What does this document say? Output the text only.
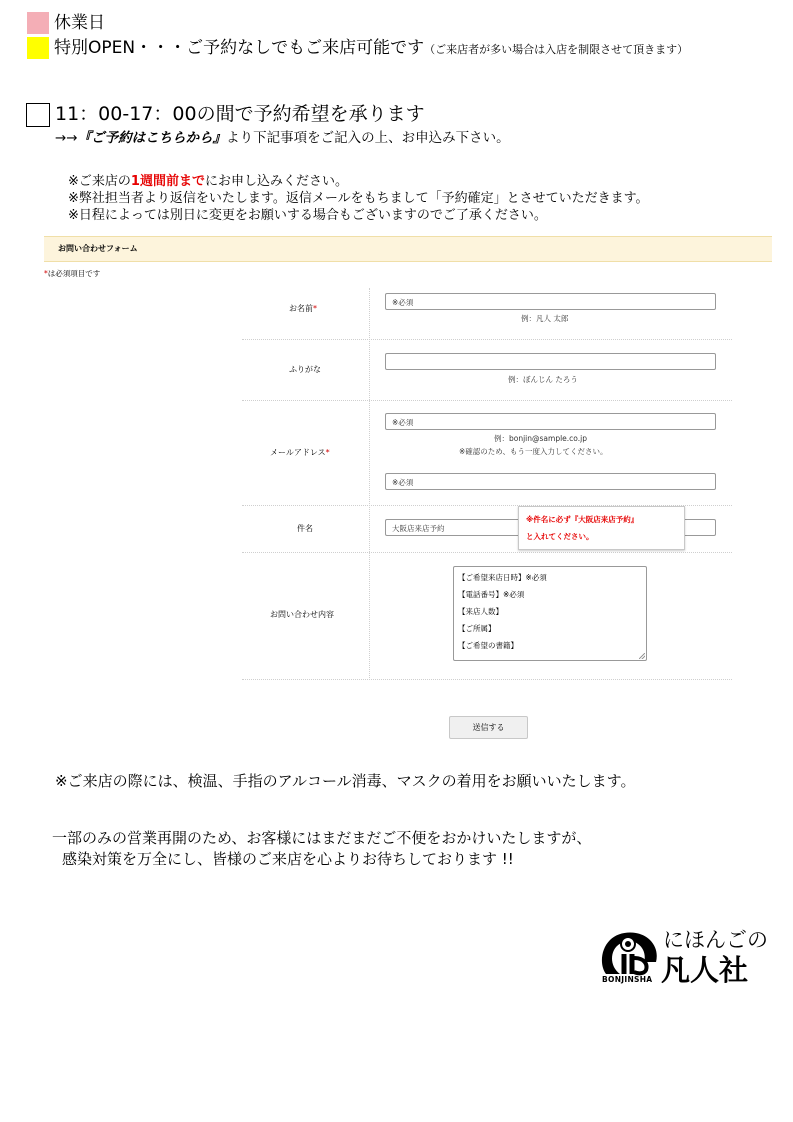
休業日
特別OPEN・・・ご予約なしでもご来店可能です（ご来店者が多い場合は入店を制限させて頂きます）
11：00-17：00の間で予約希望を承ります
→→『ご予約はこちらから』より下記事項をご記入の上、お申込み下さい。
※ご来店の1週間前までにお申し込みください。
※弊社担当者より返信をいたします。返信メールをもちまして「予約確定」とさせていただきます。
※日程によっては別日に変更をお願いする場合もございますのでご了承ください。
お問い合わせフォーム
*は必須項目です
お名前*
※必須
例：凡人 太郎
ふりがな
例：ぼんじん たろう
メールアドレス*
※必須
例：bonjin@sample.co.jp
※確認のため、もう一度入力してください。
※必須
件名	大阪店来店予約
※件名に必ず『大阪店来店予約』
と入れてください。
お問い合わせ内容
【ご希望来店日時】※必須
【電話番号】※必須
【来店人数】
【ご所属】
【ご希望の書籍】
送信する
※ご来店の際には、検温、手指のアルコール消毒、マスクの着用をお願いいたします。
一部のみの営業再開のため、お客様にはまだまだご不便をおかけいたしますが、
感染対策を万全にし、皆様のご来店を心よりお待ちしております !!
BONJINSHA
にほんごの
凡人社
